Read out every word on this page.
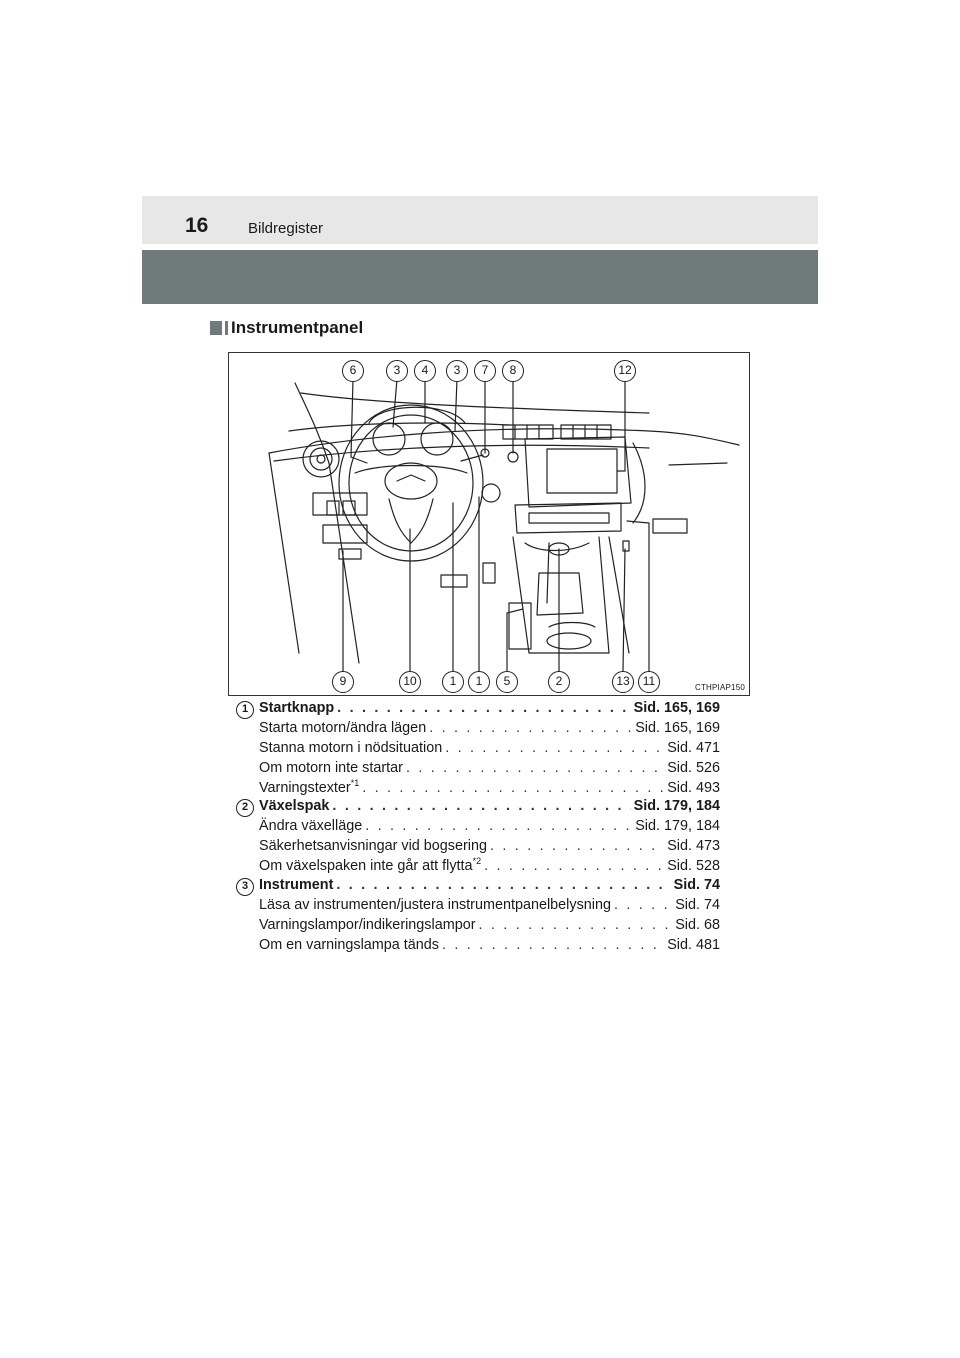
16	Bildregister
Instrumentpanel
6	3	4	3	7	8	12
9	10	1	1	5	2	13	11	CTHPIAP150
1 Startknapp . . .	Sid. 165, 169
Starta motorn/ändra lägen . . .	Sid. 165, 169
Stanna motorn i nödsituation . . .	Sid. 471
Om motorn inte startar . . .	Sid. 526
Varningstexter$^{*1}$ . . .	Sid. 493
2 Växelspak . . .	Sid. 179, 184
Ändra växelläge . . .	Sid. 179, 184
Säkerhetsanvisningar vid bogsering . . .	Sid. 473
Om växelspaken inte går att flytta$^{*2}$ . . .	Sid. 528
3 Instrument . . .	Sid. 74
Läsa av instrumenten/justera instrumentpanelbelysning . . .	Sid. 74
Varningslampor/indikeringslampor . . .	Sid. 68
Om en varningslampa tänds . . .	Sid. 481
